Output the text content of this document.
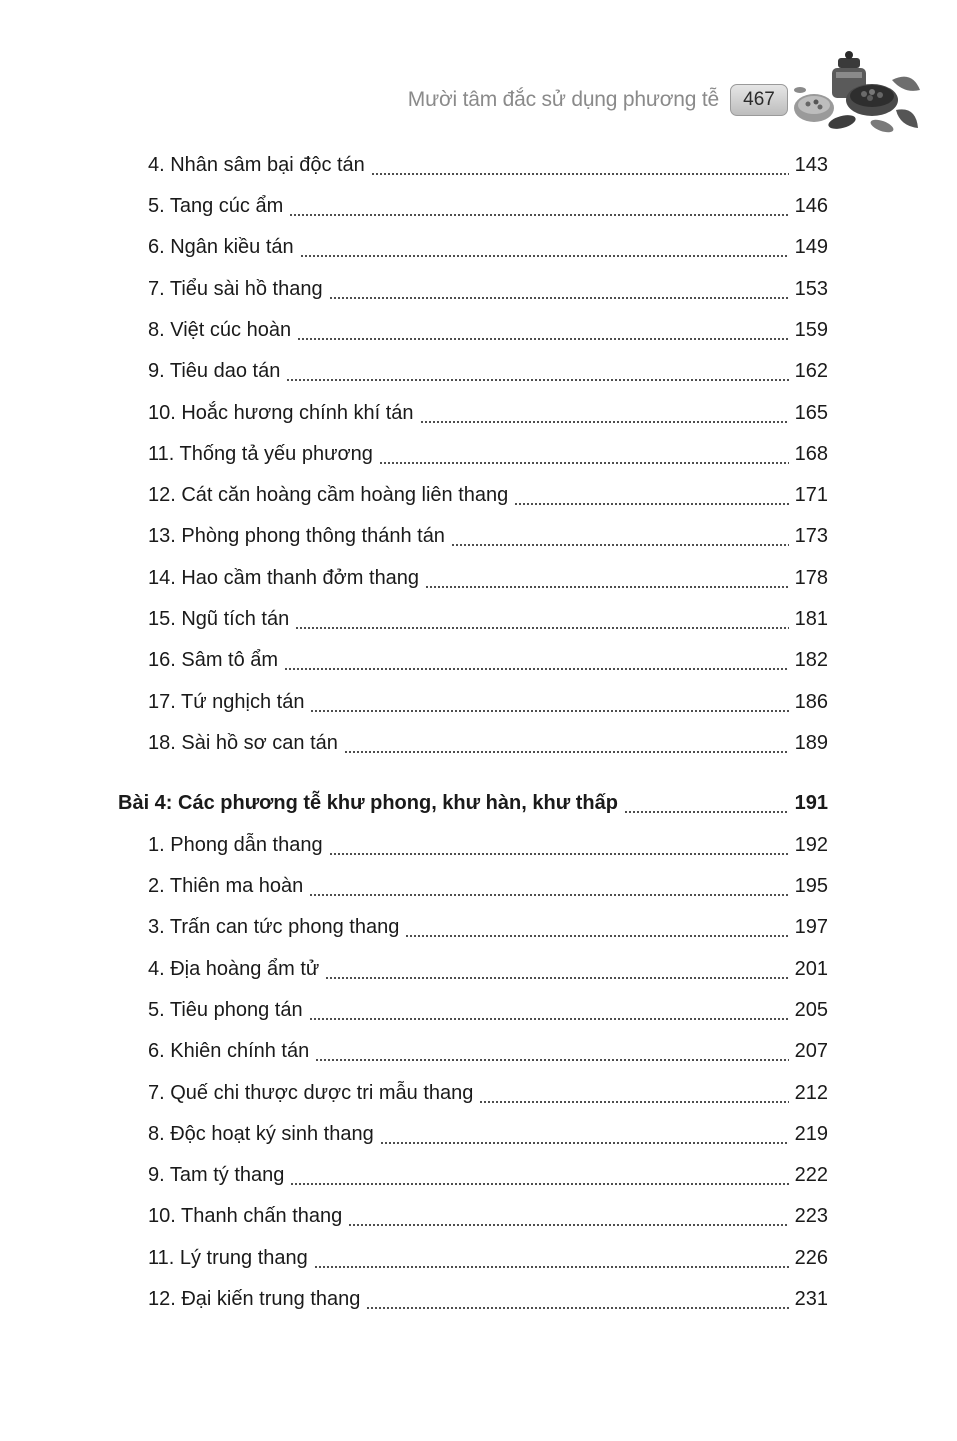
Mười tâm đắc sử dụng phương tễ	467
4. Nhân sâm bại độc tán	143
5. Tang cúc ẩm	146
6. Ngân kiều tán	149
7. Tiểu sài hồ thang	153
8. Việt cúc hoàn	159
9. Tiêu dao tán	162
10. Hoắc hương chính khí tán	165
11. Thống tả yếu phương	168
12. Cát căn hoàng cầm hoàng liên thang	171
13. Phòng phong thông thánh tán	173
14. Hao cầm thanh đởm thang	178
15. Ngũ tích tán	181
16. Sâm tô ẩm	182
17. Tứ nghịch tán	186
18. Sài hồ sơ can tán	189
Bài 4: Các phương tễ khư phong, khư hàn, khư thấp	191
1. Phong dẫn thang	192
2. Thiên ma hoàn	195
3. Trấn can tức phong thang	197
4. Địa hoàng ẩm tử	201
5. Tiêu phong tán	205
6. Khiên chính tán	207
7. Quế chi thược dược tri mẫu thang	212
8. Độc hoạt ký sinh thang	219
9. Tam tý thang	222
10. Thanh chấn thang	223
11. Lý trung thang	226
12. Đại kiến trung thang	231
